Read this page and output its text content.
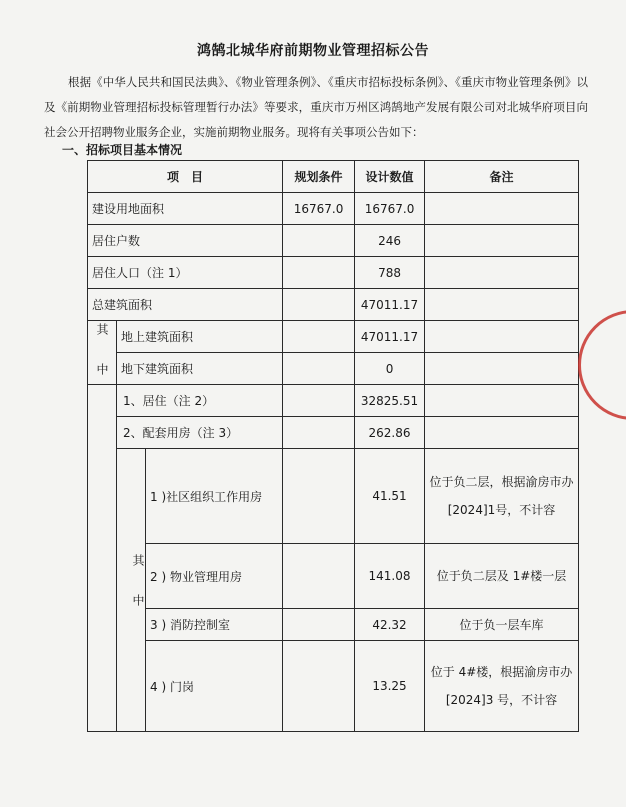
鸿鹄北城华府前期物业管理招标公告
根据《中华人民共和国民法典》、《物业管理条例》、《重庆市招标投标条例》、《重庆市物业管理条例》以及《前期物业管理招标投标管理暂行办法》等要求，重庆市万州区鸿鹄地产发展有限公司对北城华府项目向社会公开招聘物业服务企业，实施前期物业服务。现将有关事项公告如下：
一、招标项目基本情况
项　目			规划条件	设计数值	备注
建设用地面积			16767.0	16767.0	
居住户数				246	
居住人口（注 1）				788	
总建筑面积				47011.17	
其　中	地上建筑面积			47011.17	
	地下建筑面积			0	
	1、居住（注 2）			32825.51	
	2、配套用房（注 3）			262.86	
	其　中	1 )社区组织工作用房		41.51	位于负二层，根据渝房市办[2024]1号，不计容
		2 ) 物业管理用房		141.08	位于负二层及 1#楼一层
		3 ) 消防控制室		42.32	位于负一层车库
		4 ) 门岗		13.25	位于 4#楼，根据渝房市办[2024]3 号，不计容
